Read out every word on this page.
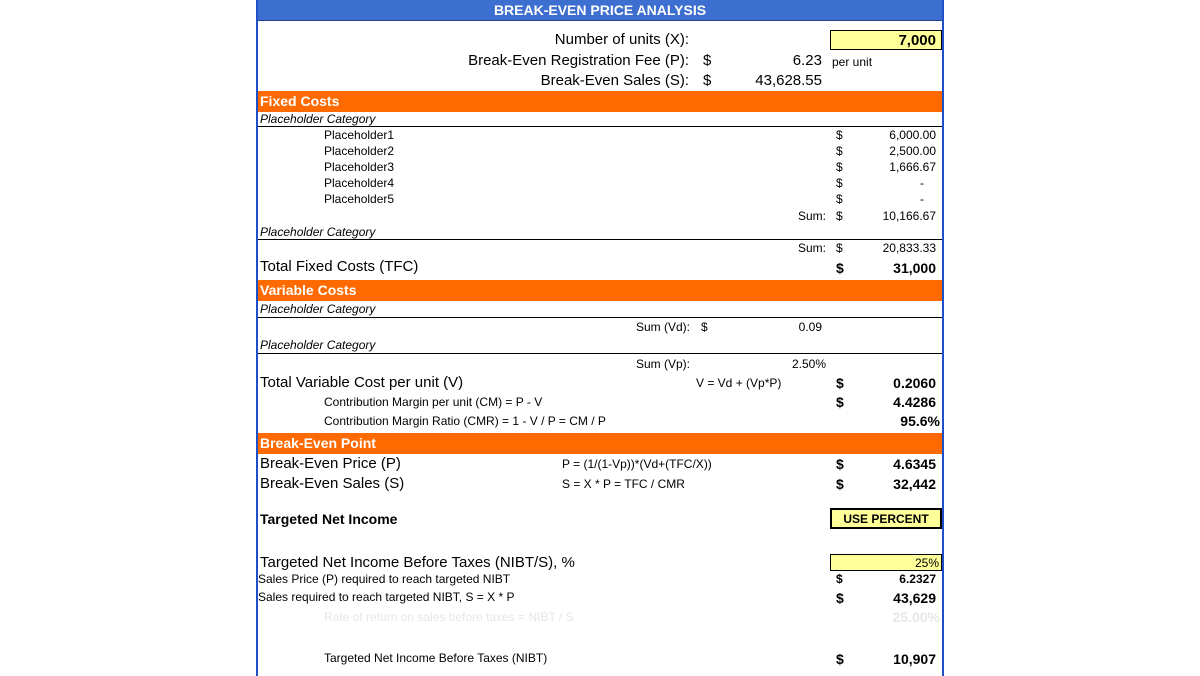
BREAK-EVEN PRICE ANALYSIS
Number of units (X):	7,000
Break-Even Registration Fee (P): $	6.23 per unit
Break-Even Sales (S): $	43,628.55
Fixed Costs
Placeholder Category
Placeholder1	$	6,000.00
Placeholder2	$	2,500.00
Placeholder3	$	1,666.67
Placeholder4	$	-
Placeholder5	$	-
Sum: $	10,166.67
Placeholder Category
Sum: $	20,833.33
Total Fixed Costs (TFC)	$	31,000
Variable Costs
Placeholder Category
Sum (Vd): $	0.09
Placeholder Category
Sum (Vp):	2.50%
Total Variable Cost per unit (V)	V = Vd + (Vp*P)	$	0.2060
Contribution Margin per unit (CM) = P - V	$	4.4286
Contribution Margin Ratio (CMR) = 1 - V / P = CM / P	95.6%
Break-Even Point
Break-Even Price (P)	P = (1/(1-Vp))*(Vd+(TFC/X))	$	4.6345
Break-Even Sales (S)	S = X * P = TFC / CMR	$	32,442
Targeted Net Income	USE PERCENT
Targeted Net Income Before Taxes (NIBT/S), %	25%
Sales Price (P) required to reach targeted NIBT	$	6.2327
Sales required to reach targeted NIBT, S = X * P	$	43,629
Rate of return on sales before taxes = NIBT / S	25.00%
Targeted Net Income Before Taxes (NIBT)	$	10,907
